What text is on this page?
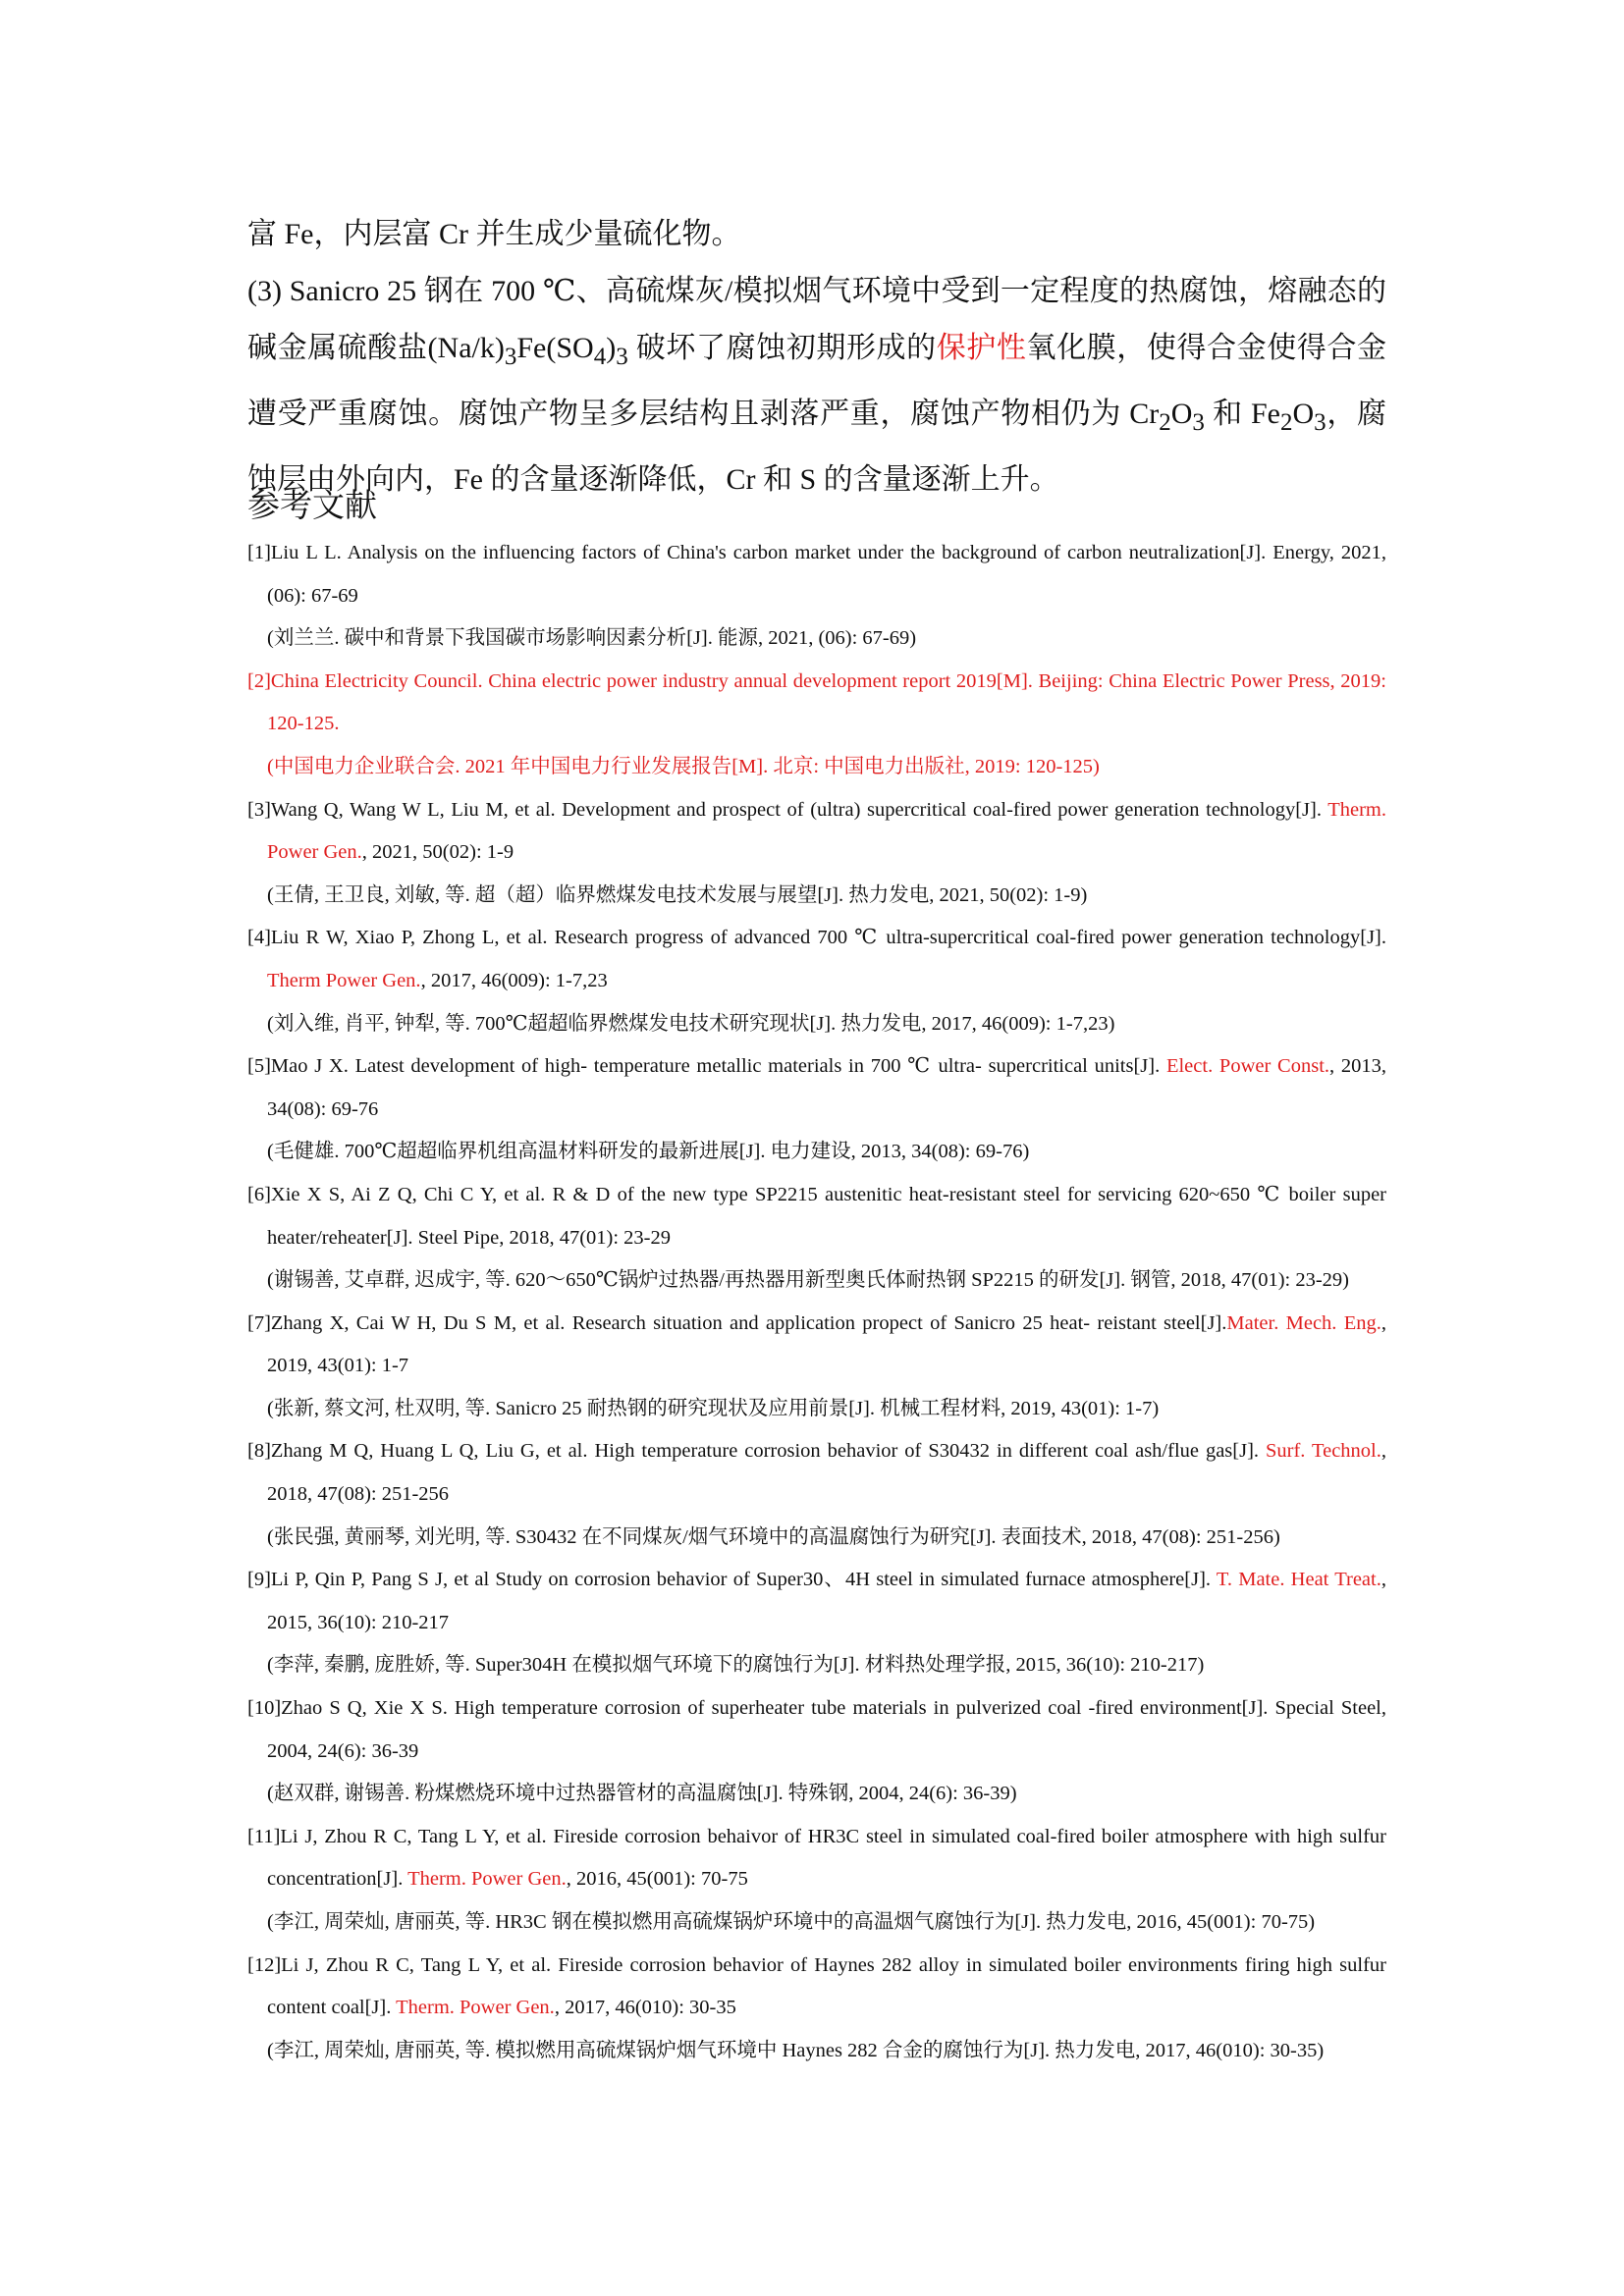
富 Fe，内层富 Cr 并生成少量硫化物。

(3) Sanicro 25 钢在 700 ℃、高硫煤灰/模拟烟气环境中受到一定程度的热腐蚀，熔融态的碱金属硫酸盐$(Na/k)_3Fe(SO_4)_3$ 破坏了腐蚀初期形成的保护性氧化膜，使得合金使得合金遭受严重腐蚀。腐蚀产物呈多层结构且剥落严重，腐蚀产物相仍为 $Cr_2O_3$ 和 $Fe_2O_3$，腐蚀层由外向内，Fe 的含量逐渐降低，Cr 和 S 的含量逐渐上升。

参考文献
[1]Liu L L. Analysis on the influencing factors of China's carbon market under the background of carbon neutralization[J]. Energy, 2021, (06): 67-69
(刘兰兰. 碳中和背景下我国碳市场影响因素分析[J]. 能源, 2021, (06): 67-69)
[2]China Electricity Council. China electric power industry annual development report 2019[M]. Beijing: China Electric Power Press, 2019: 120-125.
(中国电力企业联合会. 2021 年中国电力行业发展报告[M]. 北京: 中国电力出版社, 2019: 120-125)
[3]Wang Q, Wang W L, Liu M, et al. Development and prospect of (ultra) supercritical coal-fired power generation technology[J]. Therm. Power Gen., 2021, 50(02): 1-9
(王倩, 王卫良, 刘敏, 等. 超（超）临界燃煤发电技术发展与展望[J]. 热力发电, 2021, 50(02): 1-9)
[4]Liu R W, Xiao P, Zhong L, et al. Research progress of advanced 700 ℃ ultra-supercritical coal-fired power generation technology[J]. Therm Power Gen., 2017, 46(009): 1-7,23
(刘入维, 肖平, 钟犁, 等. 700℃超超临界燃煤发电技术研究现状[J]. 热力发电, 2017, 46(009): 1-7,23)
[5]Mao J X. Latest development of high- temperature metallic materials in 700 ℃ ultra- supercritical units[J]. Elect. Power Const., 2013, 34(08): 69-76
(毛健雄. 700℃超超临界机组高温材料研发的最新进展[J]. 电力建设, 2013, 34(08): 69-76)
[6]Xie X S, Ai Z Q, Chi C Y, et al. R & D of the new type SP2215 austenitic heat-resistant steel for servicing 620~650 ℃ boiler super heater/reheater[J]. Steel Pipe, 2018, 47(01): 23-29
(谢锡善, 艾卓群, 迟成宇, 等. 620～650℃锅炉过热器/再热器用新型奥氏体耐热钢 SP2215 的研发[J]. 钢管, 2018, 47(01): 23-29)
[7]Zhang X, Cai W H, Du S M, et al. Research situation and application propect of Sanicro 25 heat- reistant steel[J].Mater. Mech. Eng., 2019, 43(01): 1-7
(张新, 蔡文河, 杜双明, 等. Sanicro 25 耐热钢的研究现状及应用前景[J]. 机械工程材料, 2019, 43(01): 1-7)
[8]Zhang M Q, Huang L Q, Liu G, et al. High temperature corrosion behavior of S30432 in different coal ash/flue gas[J]. Surf. Technol., 2018, 47(08): 251-256
(张民强, 黄丽琴, 刘光明, 等. S30432 在不同煤灰/烟气环境中的高温腐蚀行为研究[J]. 表面技术, 2018, 47(08): 251-256)
[9]Li P, Qin P, Pang S J, et al Study on corrosion behavior of Super30、4H steel in simulated furnace atmosphere[J]. T. Mate. Heat Treat., 2015, 36(10): 210-217
(李萍, 秦鹏, 庞胜娇, 等. Super304H 在模拟烟气环境下的腐蚀行为[J]. 材料热处理学报, 2015, 36(10): 210-217)
[10]Zhao S Q, Xie X S. High temperature corrosion of superheater tube materials in pulverized coal -fired environment[J]. Special Steel, 2004, 24(6): 36-39
(赵双群, 谢锡善. 粉煤燃烧环境中过热器管材的高温腐蚀[J]. 特殊钢, 2004, 24(6): 36-39)
[11]Li J, Zhou R C, Tang L Y, et al. Fireside corrosion behaivor of HR3C steel in simulated coal-fired boiler atmosphere with high sulfur concentration[J]. Therm. Power Gen., 2016, 45(001): 70-75
(李江, 周荣灿, 唐丽英, 等. HR3C 钢在模拟燃用高硫煤锅炉环境中的高温烟气腐蚀行为[J]. 热力发电, 2016, 45(001): 70-75)
[12]Li J, Zhou R C, Tang L Y, et al. Fireside corrosion behavior of Haynes 282 alloy in simulated boiler environments firing high sulfur content coal[J]. Therm. Power Gen., 2017, 46(010): 30-35
(李江, 周荣灿, 唐丽英, 等. 模拟燃用高硫煤锅炉烟气环境中 Haynes 282 合金的腐蚀行为[J]. 热力发电, 2017, 46(010): 30-35)
